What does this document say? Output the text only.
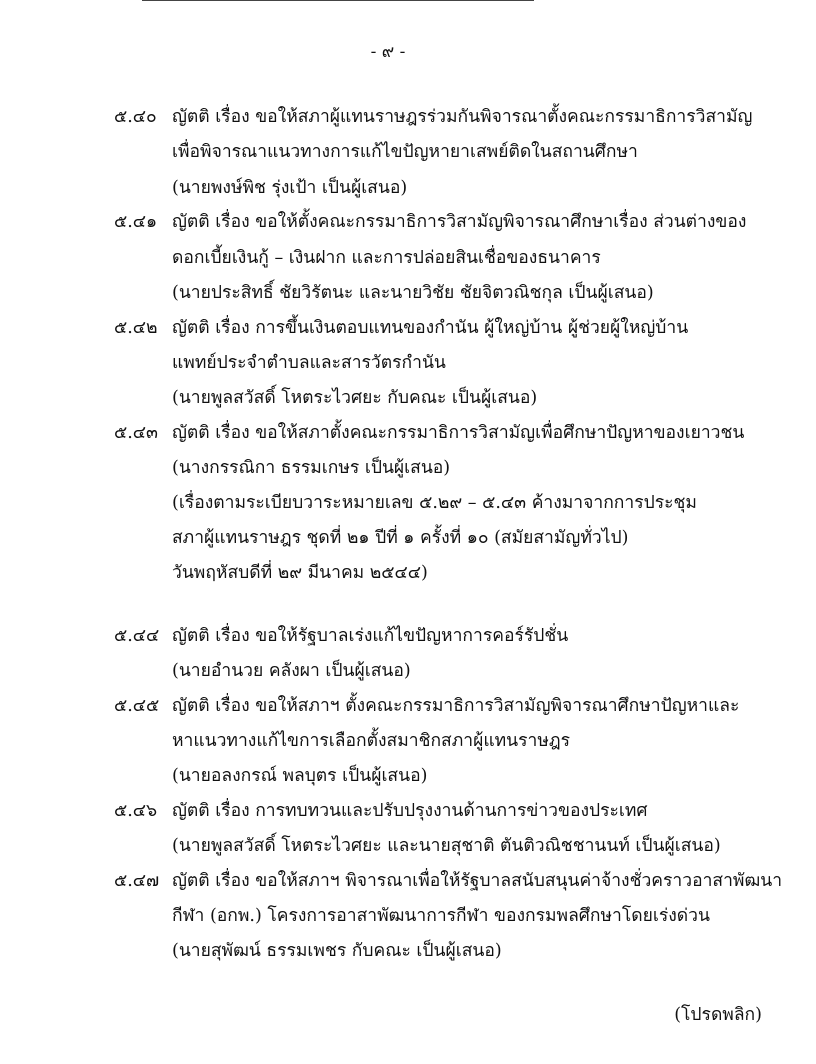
- ๙ -
๕.๔๐ ญัตติ เรื่อง ขอให้สภาผู้แทนราษฎรร่วมกันพิจารณาตั้งคณะกรรมาธิการวิสามัญ
เพื่อพิจารณาแนวทางการแก้ไขปัญหายาเสพย์ติดในสถานศึกษา
(นายพงษ์พิช รุ่งเป้า เป็นผู้เสนอ)
๕.๔๑ ญัตติ เรื่อง ขอให้ตั้งคณะกรรมาธิการวิสามัญพิจารณาศึกษาเรื่อง ส่วนต่างของ
ดอกเบี้ยเงินกู้ – เงินฝาก และการปล่อยสินเชื่อของธนาคาร
(นายประสิทธิ์ ชัยวิรัตนะ และนายวิชัย ชัยจิตวณิชกุล เป็นผู้เสนอ)
๕.๔๒ ญัตติ เรื่อง การขึ้นเงินตอบแทนของกำนัน ผู้ใหญ่บ้าน ผู้ช่วยผู้ใหญ่บ้าน
แพทย์ประจำตำบลและสารวัตรกำนัน
(นายพูลสวัสดิ์ โหตระไวศยะ กับคณะ เป็นผู้เสนอ)
๕.๔๓ ญัตติ เรื่อง ขอให้สภาตั้งคณะกรรมาธิการวิสามัญเพื่อศึกษาปัญหาของเยาวชน
(นางกรรณิกา ธรรมเกษร เป็นผู้เสนอ)
(เรื่องตามระเบียบวาระหมายเลข ๕.๒๙ – ๕.๔๓ ค้างมาจากการประชุม
สภาผู้แทนราษฎร ชุดที่ ๒๑ ปีที่ ๑ ครั้งที่ ๑๐ (สมัยสามัญทั่วไป)
วันพฤหัสบดีที่ ๒๙ มีนาคม ๒๕๔๔)
๕.๔๔ ญัตติ เรื่อง ขอให้รัฐบาลเร่งแก้ไขปัญหาการคอร์รัปชั่น
(นายอำนวย คลังผา เป็นผู้เสนอ)
๕.๔๕ ญัตติ เรื่อง ขอให้สภาฯ ตั้งคณะกรรมาธิการวิสามัญพิจารณาศึกษาปัญหาและ
หาแนวทางแก้ไขการเลือกตั้งสมาชิกสภาผู้แทนราษฎร
(นายอลงกรณ์ พลบุตร เป็นผู้เสนอ)
๕.๔๖ ญัตติ เรื่อง การทบทวนและปรับปรุงงานด้านการข่าวของประเทศ
(นายพูลสวัสดิ์ โหตระไวศยะ และนายสุชาติ ตันติวณิชชานนท์ เป็นผู้เสนอ)
๕.๔๗ ญัตติ เรื่อง ขอให้สภาฯ พิจารณาเพื่อให้รัฐบาลสนับสนุนค่าจ้างชั่วคราวอาสาพัฒนา
กีฬา (อกพ.) โครงการอาสาพัฒนาการกีฬา ของกรมพลศึกษาโดยเร่งด่วน
(นายสุพัฒน์ ธรรมเพชร กับคณะ เป็นผู้เสนอ)
(โปรดพลิก)
